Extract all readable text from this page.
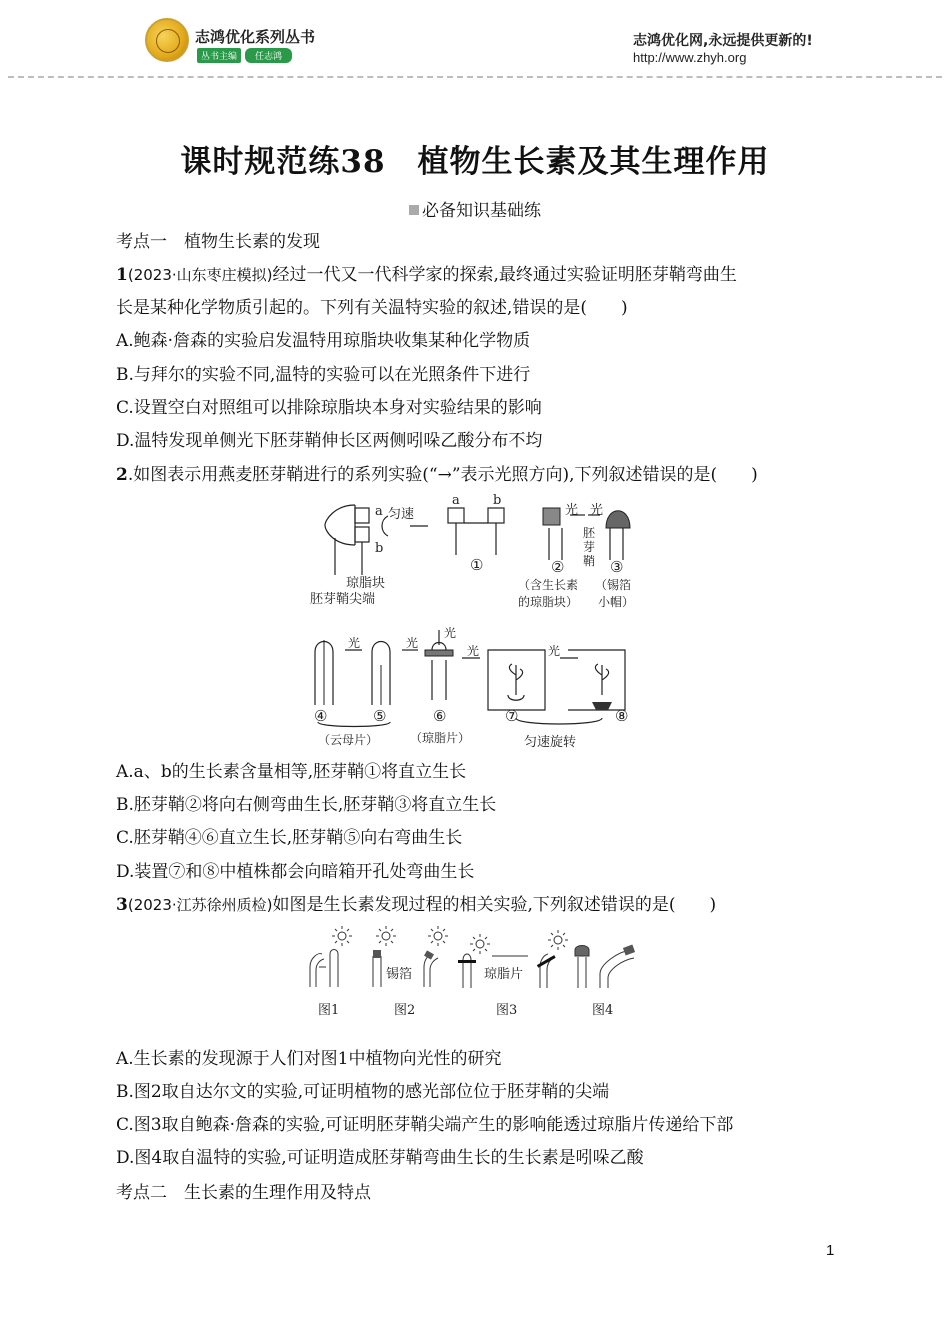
志鸿优化系列丛书
丛书主编	任志鸿
志鸿优化网,永远提供更新的!
http://www.zhyh.org
课时规范练38　植物生长素及其生理作用
必备知识基础练
考点一　植物生长素的发现
1(2023·山东枣庄模拟)经过一代又一代科学家的探索,最终通过实验证明胚芽鞘弯曲生
长是某种化学物质引起的。下列有关温特实验的叙述,错误的是(　　)
A.鲍森·詹森的实验启发温特用琼脂块收集某种化学物质
B.与拜尔的实验不同,温特的实验可以在光照条件下进行
C.设置空白对照组可以排除琼脂块本身对实验结果的影响
D.温特发现单侧光下胚芽鞘伸长区两侧吲哚乙酸分布不均
2.如图表示用燕麦胚芽鞘进行的系列实验(“→”表示光照方向),下列叙述错误的是(　　)
a
b
匀速
a	b
琼脂块
胚芽鞘尖端
①
光 光
胚
芽
鞘
②	③
（含生长素
的琼脂块）
（锡箔
小帽）
光	光
光
光	光
④	⑤	⑥	⑦	⑧
（云母片）	（琼脂片）	匀速旋转
A.a、b的生长素含量相等,胚芽鞘①将直立生长
B.胚芽鞘②将向右侧弯曲生长,胚芽鞘③将直立生长
C.胚芽鞘④⑥直立生长,胚芽鞘⑤向右弯曲生长
D.装置⑦和⑧中植株都会向暗箱开孔处弯曲生长
3(2023·江苏徐州质检)如图是生长素发现过程的相关实验,下列叙述错误的是(　　)
锡箔	琼脂片
图1	图2	图3	图4
A.生长素的发现源于人们对图1中植物向光性的研究
B.图2取自达尔文的实验,可证明植物的感光部位位于胚芽鞘的尖端
C.图3取自鲍森·詹森的实验,可证明胚芽鞘尖端产生的影响能透过琼脂片传递给下部
D.图4取自温特的实验,可证明造成胚芽鞘弯曲生长的生长素是吲哚乙酸
考点二　生长素的生理作用及特点
1
